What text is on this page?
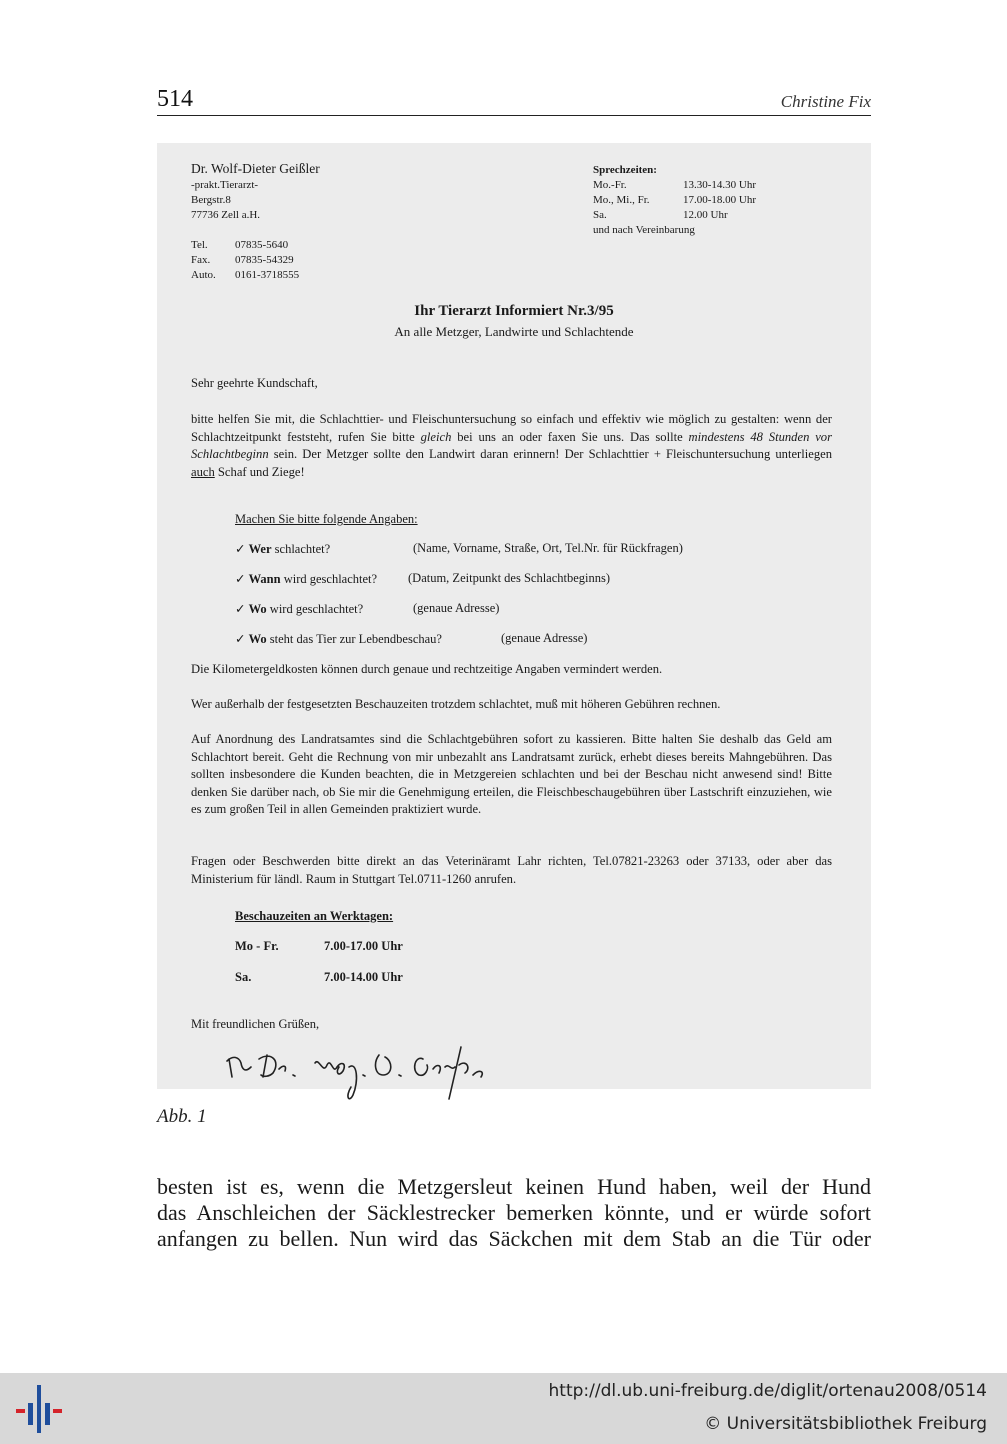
514	Christine Fix
Dr. Wolf-Dieter Geißler
-prakt.Tierarzt-
Bergstr.8
77736 Zell a.H.
Tel. 07835-5640
Fax. 07835-54329
Auto. 0161-3718555
Sprechzeiten:
Mo.-Fr.	13.30-14.30 Uhr
Mo., Mi., Fr.	17.00-18.00 Uhr
Sa.	12.00 Uhr
und nach Vereinbarung
Ihr Tierarzt Informiert Nr.3/95
An alle Metzger, Landwirte und Schlachtende
Sehr geehrte Kundschaft,
bitte helfen Sie mit, die Schlachttier- und Fleischuntersuchung so einfach und effektiv wie möglich zu gestalten: wenn der Schlachtzeitpunkt feststeht, rufen Sie bitte gleich bei uns an oder faxen Sie uns. Das sollte mindestens 48 Stunden vor Schlachtbeginn sein. Der Metzger sollte den Landwirt daran erinnern! Der Schlachttier + Fleischuntersuchung unterliegen auch Schaf und Ziege!
Machen Sie bitte folgende Angaben:
✓ Wer schlachtet?	(Name, Vorname, Straße, Ort, Tel.Nr. für Rückfragen)
✓ Wann wird geschlachtet? (Datum, Zeitpunkt des Schlachtbeginns)
✓ Wo wird geschlachtet?	(genaue Adresse)
✓ Wo steht das Tier zur Lebendbeschau?	(genaue Adresse)
Die Kilometergeldkosten können durch genaue und rechtzeitige Angaben vermindert werden.
Wer außerhalb der festgesetzten Beschauzeiten trotzdem schlachtet, muß mit höheren Gebühren rechnen.
Auf Anordnung des Landratsamtes sind die Schlachtgebühren sofort zu kassieren. Bitte halten Sie deshalb das Geld am Schlachtort bereit. Geht die Rechnung von mir unbezahlt ans Landratsamt zurück, erhebt dieses bereits Mahngebühren. Das sollten insbesondere die Kunden beachten, die in Metzgereien schlachten und bei der Beschau nicht anwesend sind! Bitte denken Sie darüber nach, ob Sie mir die Genehmigung erteilen, die Fleischbeschaugebühren über Lastschrift einzuziehen, wie es zum großen Teil in allen Gemeinden praktiziert wurde.
Fragen oder Beschwerden bitte direkt an das Veterinäramt Lahr richten, Tel.07821-23263 oder 37133, oder aber das Ministerium für ländl. Raum in Stuttgart Tel.0711-1260 anrufen.
Beschauzeiten an Werktagen:
Mo - Fr.	7.00-17.00 Uhr
Sa.	7.00-14.00 Uhr
Mit freundlichen Grüßen,
Abb. 1
besten ist es, wenn die Metzgersleut keinen Hund haben, weil der Hund
das Anschleichen der Säcklestrecker bemerken könnte, und er würde sofort
anfangen zu bellen. Nun wird das Säckchen mit dem Stab an die Tür oder
http://dl.ub.uni-freiburg.de/diglit/ortenau2008/0514
© Universitätsbibliothek Freiburg
